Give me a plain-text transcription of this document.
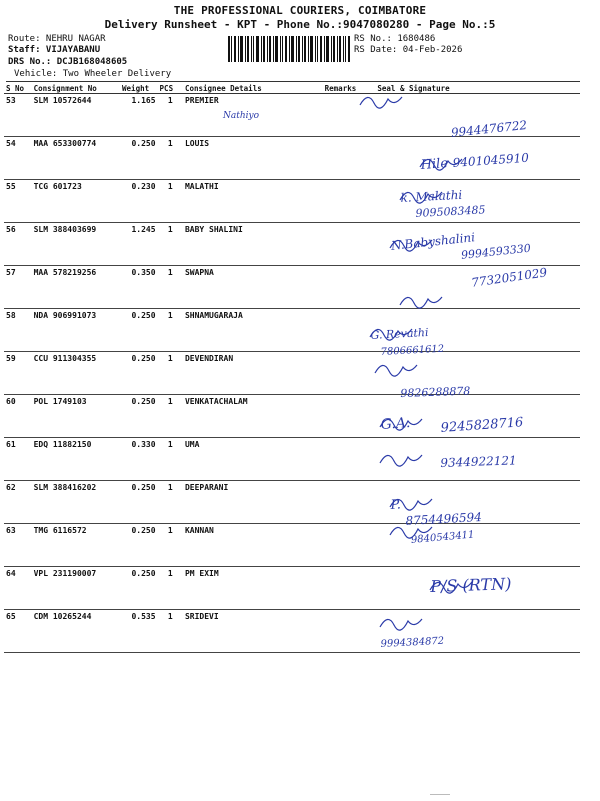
THE PROFESSIONAL COURIERS, COIMBATORE
Delivery Runsheet - KPT - Phone No.:9047080280 - Page No.:5
Route: NEHRU NAGAR
Staff: VIJAYABANU
DRS No.: DCJB168048605
Vehicle: Two Wheeler Delivery
RS No.: 1680486
RS Date: 04-Feb-2026
S No	Consignment No	Weight	PCS	Consignee Details	Remarks	Seal & Signature
53	SLM 10572644	1.165	1	PREMIER
Nathiyo		

54	MAA 653300774	0.250	1	LOUIS		
55	TCG 601723	0.230	1	MALATHI		
56	SLM 388403699	1.245	1	BABY SHALINI		
57	MAA 578219256	0.350	1	SWAPNA		
58	NDA 906991073	0.250	1	SHNAMUGARAJA		
59	CCU 911304355	0.250	1	DEVENDIRAN		
60	POL 1749103	0.250	1	VENKATACHALAM		
61	EDQ 11882150	0.330	1	UMA		
62	SLM 388416202	0.250	1	DEEPARANI		
63	TMG 6116572	0.250	1	KANNAN		
64	VPL 231190007	0.250	1	PM EXIM		
65	CDM 10265244	0.535	1	SRIDEVI		
9944476722
Hile 9401045910
k. Malathi
9095083485
N.Babyshalini
9994593330
7732051029
G. Revathi
7806661612
9826288878
G.A. 9245828716
9344922121
P.
8754496594
9840543411
P/S (RTN)
9994384872
